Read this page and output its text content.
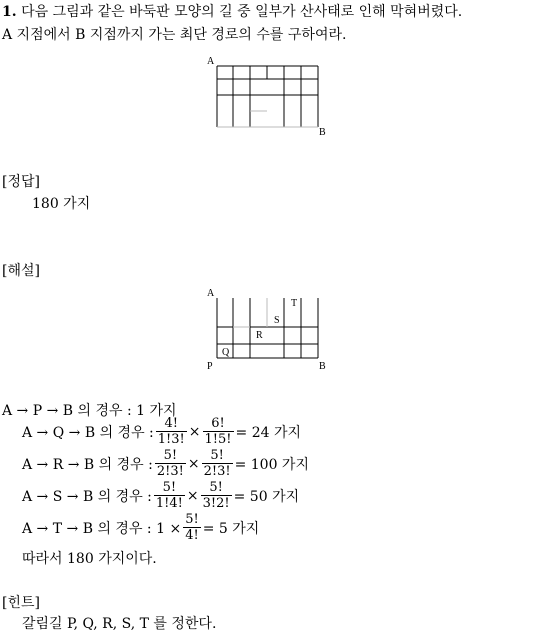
1. 다음 그림과 같은 바둑판 모양의 길 중 일부가 산사태로 인해 막혀버렸다.
A 지점에서 B 지점까지 가는 최단 경로의 수를 구하여라.
A
B
[정답]
180 가지
[해설]
A
P	B
Q
R
S
T
A → P → B 의 경우 : 1 가지
A → Q → B 의 경우 : $\frac{4!}{1!3!} \times \frac{6!}{1!5!} = 24$ 가지
A → R → B 의 경우 : $\frac{5!}{2!3!} \times \frac{5!}{2!3!} = 100$ 가지
A → S → B 의 경우 : $\frac{5!}{1!4!} \times \frac{5!}{3!2!} = 50$ 가지
A → T → B 의 경우 : $1 \times \frac{5!}{4!} = 5$ 가지
따라서 180 가지이다.
[힌트]
갈림길 P, Q, R, S, T 를 정한다.
